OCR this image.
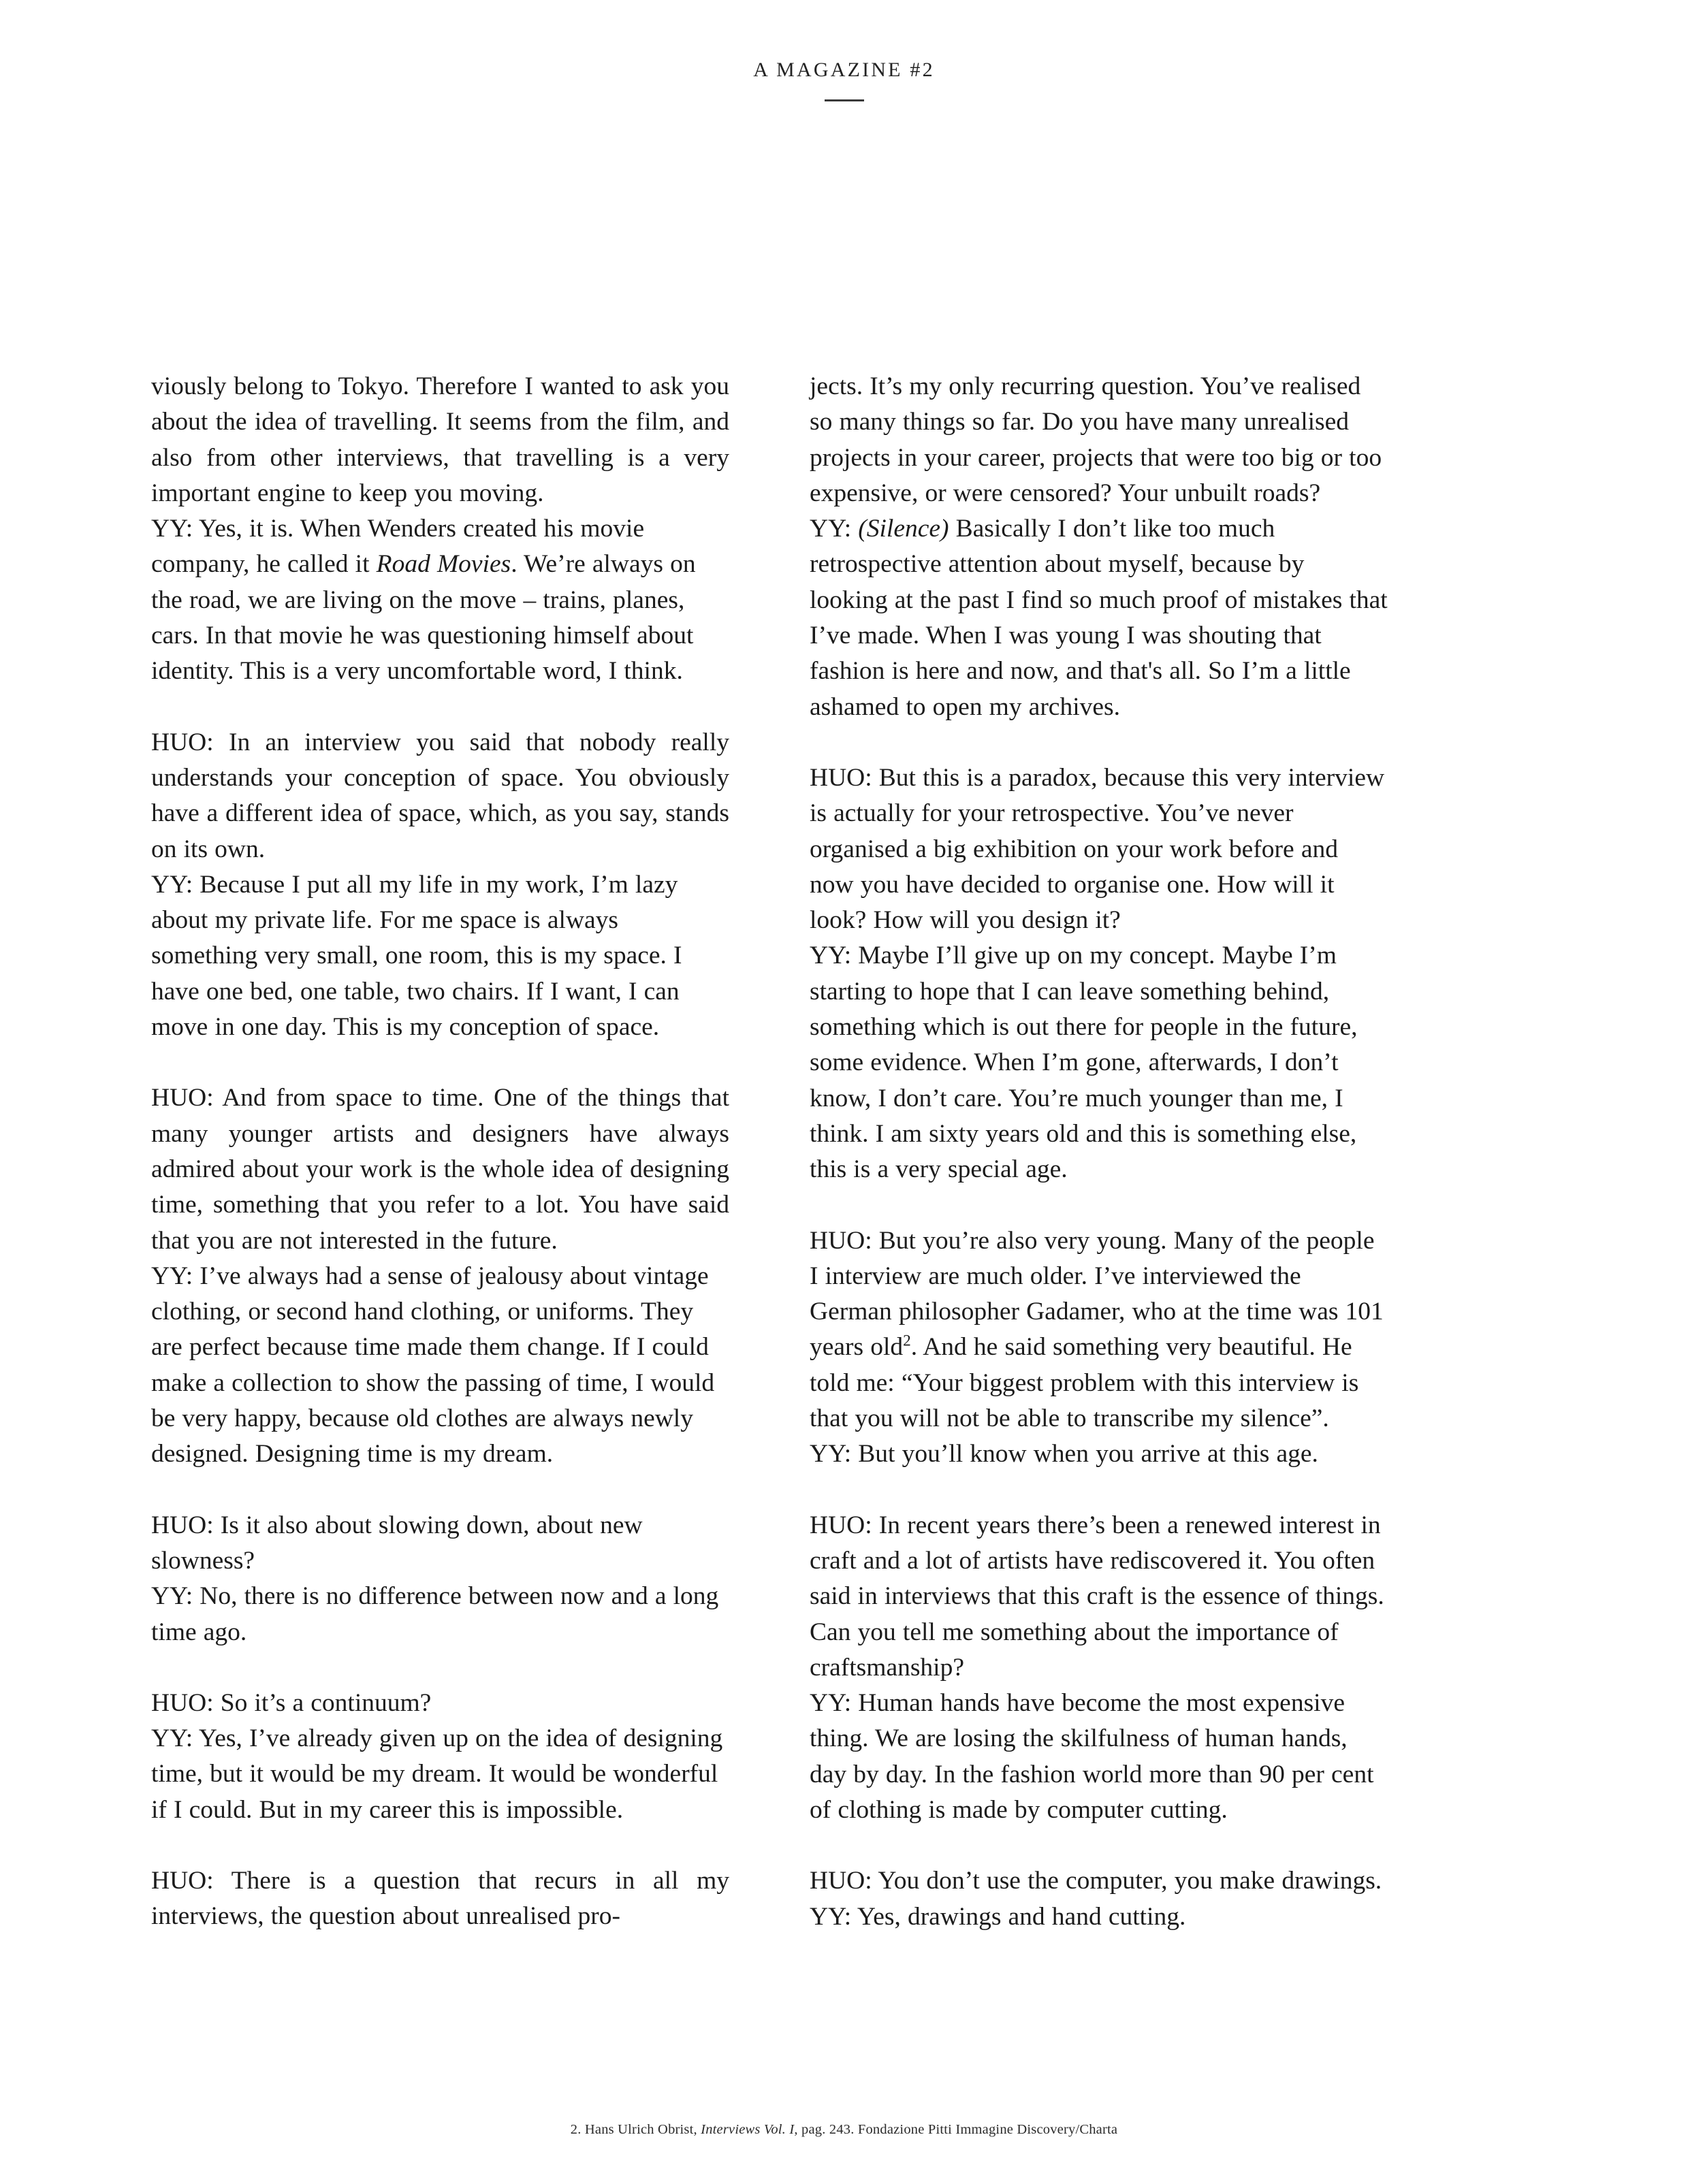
A MAGAZINE #2

viously belong to Tokyo. Therefore I wanted to ask you about the idea of travelling. It seems from the film, and also from other interviews, that travelling is a very important engine to keep you moving.

YY: Yes, it is. When Wenders created his movie company, he called it Road Movies. We’re always on the road, we are living on the move – trains, planes, cars. In that movie he was questioning himself about identity. This is a very uncomfortable word, I think.

HUO: In an interview you said that nobody really understands your conception of space. You obviously have a different idea of space, which, as you say, stands on its own.

YY: Because I put all my life in my work, I’m lazy about my private life. For me space is always something very small, one room, this is my space. I have one bed, one table, two chairs. If I want, I can move in one day. This is my conception of space.

HUO: And from space to time. One of the things that many younger artists and designers have always admired about your work is the whole idea of designing time, something that you refer to a lot. You have said that you are not interested in the future.

YY: I’ve always had a sense of jealousy about vintage clothing, or second hand clothing, or uniforms. They are perfect because time made them change. If I could make a collection to show the passing of time, I would be very happy, because old clothes are always newly designed. Designing time is my dream.

HUO: Is it also about slowing down, about new slowness?

YY: No, there is no difference between now and a long time ago.

HUO: So it’s a continuum?

YY: Yes, I’ve already given up on the idea of designing time, but it would be my dream. It would be wonderful if I could. But in my career this is impossible.

HUO: There is a question that recurs in all my interviews, the question about unrealised pro-

jects. It’s my only recurring question. You’ve realised so many things so far. Do you have many unrealised projects in your career, projects that were too big or too expensive, or were censored? Your unbuilt roads?

YY: (Silence) Basically I don’t like too much retrospective attention about myself, because by looking at the past I find so much proof of mistakes that I’ve made. When I was young I was shouting that fashion is here and now, and that's all. So I’m a little ashamed to open my archives.

HUO: But this is a paradox, because this very interview is actually for your retrospective. You’ve never organised a big exhibition on your work before and now you have decided to organise one. How will it look? How will you design it?

YY: Maybe I’ll give up on my concept. Maybe I’m starting to hope that I can leave something behind, something which is out there for people in the future, some evidence. When I’m gone, afterwards, I don’t know, I don’t care. You’re much younger than me, I think. I am sixty years old and this is something else, this is a very special age.

HUO: But you’re also very young. Many of the people I interview are much older. I’ve interviewed the German philosopher Gadamer, who at the time was 101 years old$^2$. And he said something very beautiful. He told me: “Your biggest problem with this interview is that you will not be able to transcribe my silence”.

YY: But you’ll know when you arrive at this age.

HUO: In recent years there’s been a renewed interest in craft and a lot of artists have rediscovered it. You often said in interviews that this craft is the essence of things. Can you tell me something about the importance of craftsmanship?

YY: Human hands have become the most expensive thing. We are losing the skilfulness of human hands, day by day. In the fashion world more than 90 per cent of clothing is made by computer cutting.

HUO: You don’t use the computer, you make drawings.

YY: Yes, drawings and hand cutting.

2. Hans Ulrich Obrist, Interviews Vol. I, pag. 243. Fondazione Pitti Immagine Discovery/Charta
